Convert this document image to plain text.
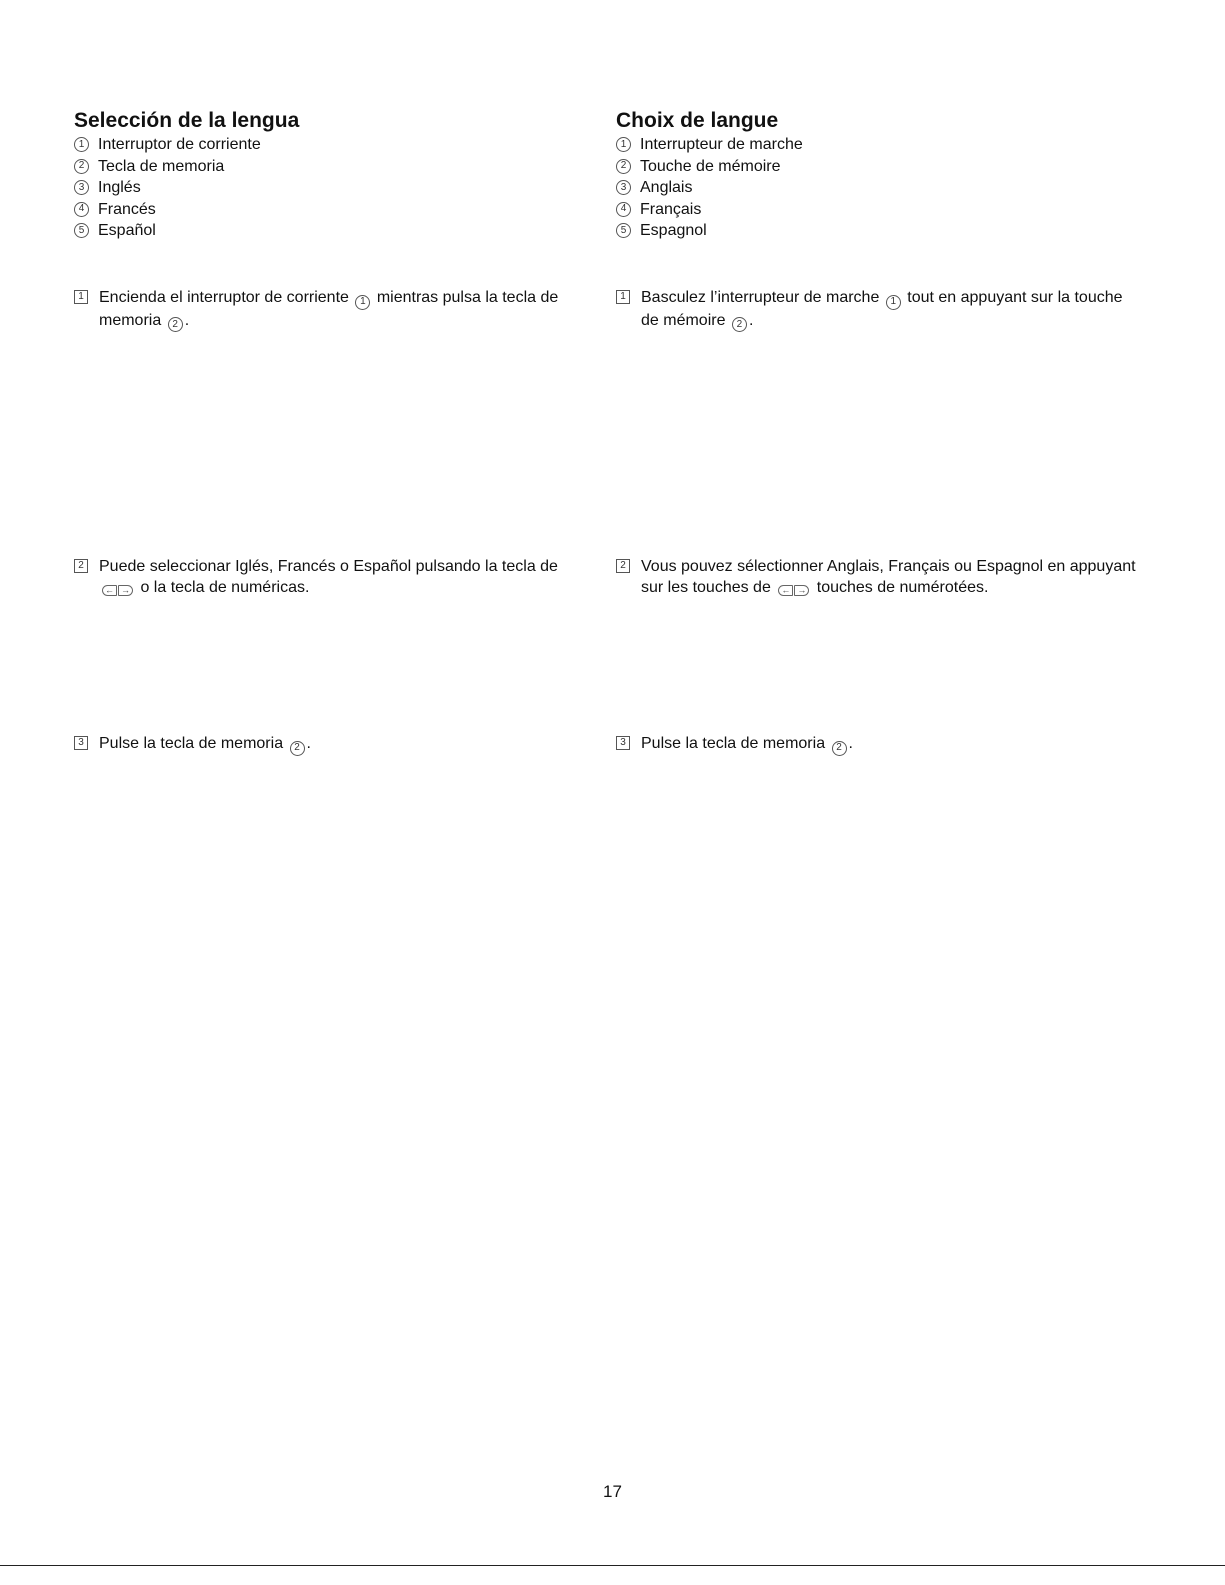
Selección de la lengua
1 Interruptor de corriente
2 Tecla de memoria
3 Inglés
4 Francés
5 Español
Choix de langue
1 Interrupteur de marche
2 Touche de mémoire
3 Anglais
4 Français
5 Espagnol
1 Encienda el interruptor de corriente 1 mientras pulsa la tecla de memoria 2 .
1 Basculez l’interrupteur de marche 1 tout en appuyant sur la touche de mémoire 2 .
2 Puede seleccionar Iglés, Francés o Español pulsando la tecla de
← → o la tecla de numéricas.
2 Vous pouvez sélectionner Anglais, Français ou Espagnol en appuyant sur les touches de	← → touches de numérotées.
3 Pulse la tecla de memoria 2 .	3 Pulse la tecla de memoria 2 .
17
